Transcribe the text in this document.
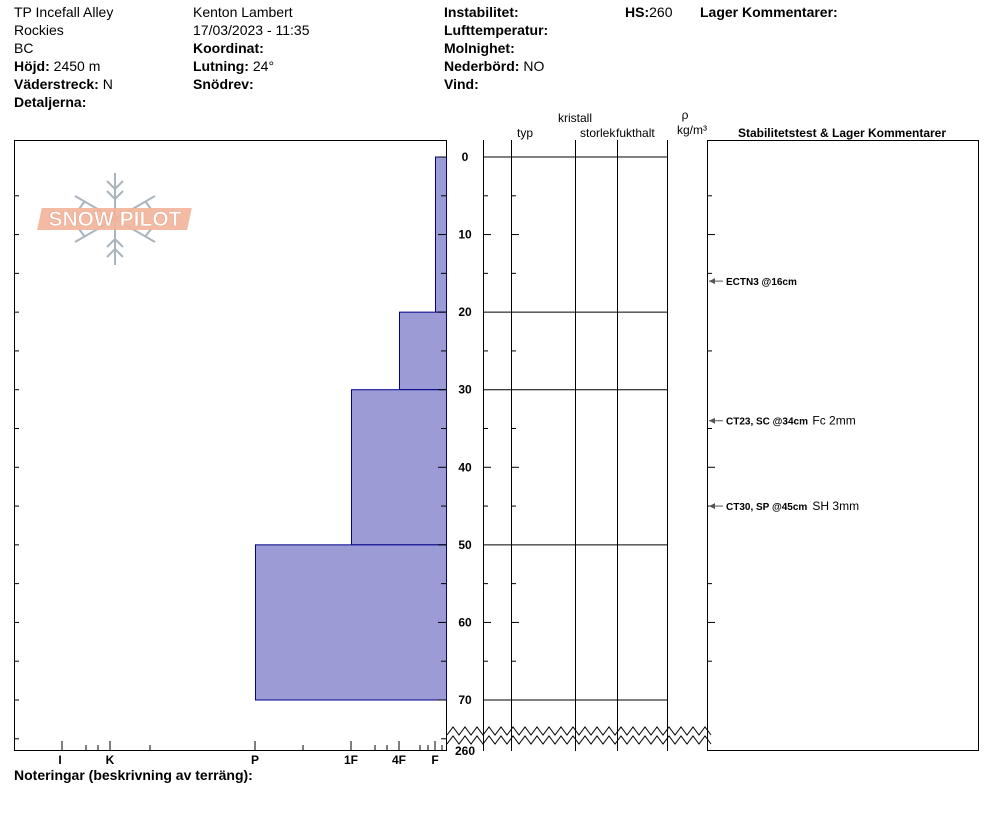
TP Incefall Alley
Rockies
BC
Höjd: 2450 m
Väderstreck: N
Detaljerna:
Kenton Lambert
17/03/2023 - 11:35
Koordinat:
Lutning: 24°
Snödrev:
Instabilitet:
Lufttemperatur:
Molnighet:
Nederbörd: NO
Vind:
HS:260 Lager Kommentarer:
Noteringar (beskrivning av terräng):
I	K	P	1F	4F F
0
10
20
30
40
50
60
70
260
SNOW PILOT
kristall
typ	storlek fukthalt
ρ
kg/m³	Stabilitetstest & Lager Kommentarer
ECTN3 @16cm
CT23, SC @34cm Fc 2mm
CT30, SP @45cm SH 3mm
